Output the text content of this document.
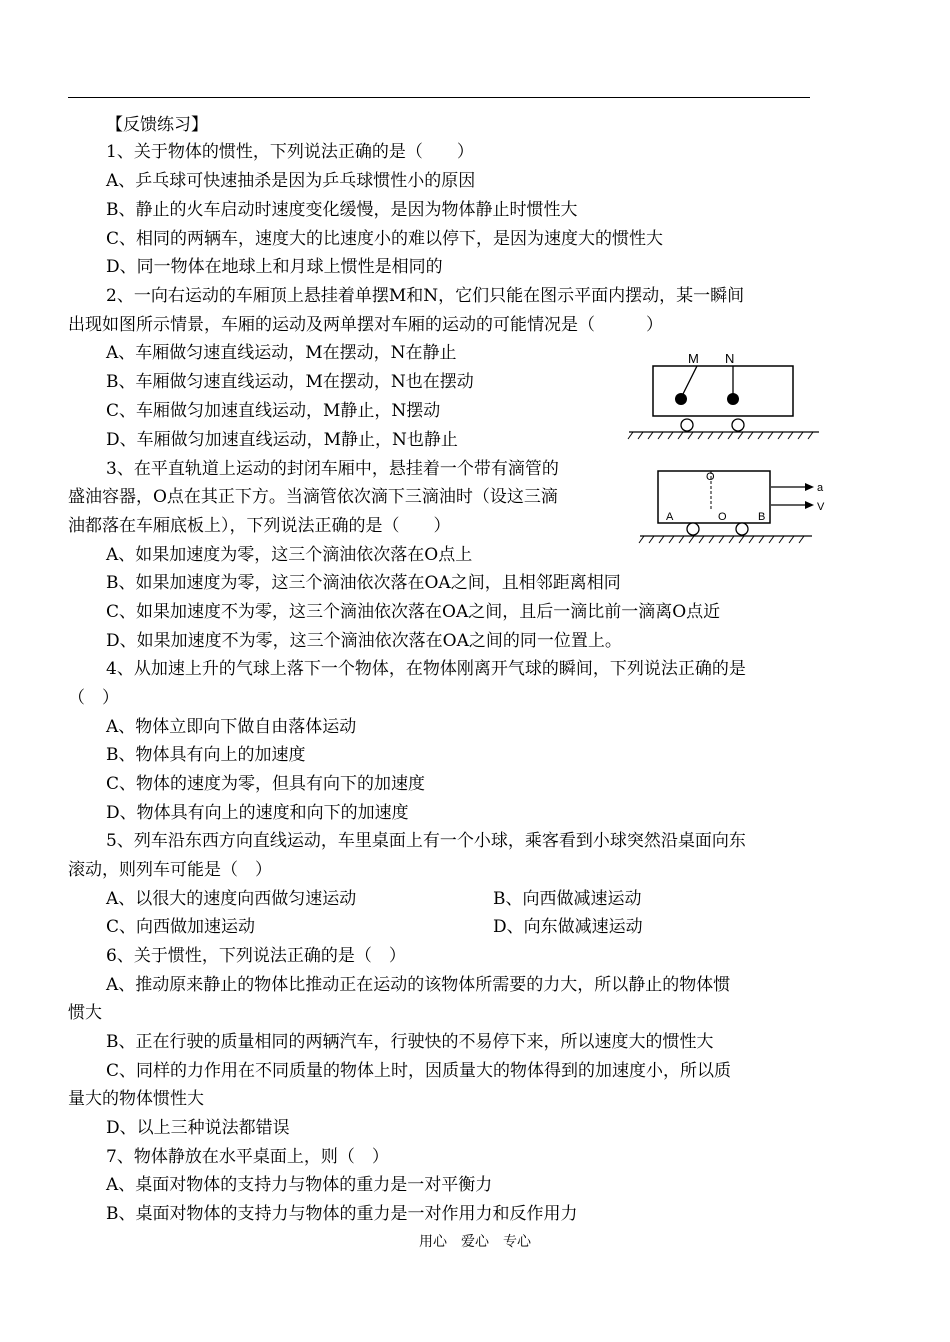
【反馈练习】
1、关于物体的惯性，下列说法正确的是（　　）
A、乒乓球可快速抽杀是因为乒乓球惯性小的原因
B、静止的火车启动时速度变化缓慢，是因为物体静止时惯性大
C、相同的两辆车，速度大的比速度小的难以停下，是因为速度大的惯性大
D、同一物体在地球上和月球上惯性是相同的
2、一向右运动的车厢顶上悬挂着单摆M和N，它们只能在图示平面内摆动，某一瞬间
出现如图所示情景，车厢的运动及两单摆对车厢的运动的可能情况是（　　　）
A、车厢做匀速直线运动，M在摆动，N在静止
B、车厢做匀速直线运动，M在摆动，N也在摆动
C、车厢做匀加速直线运动，M静止，N摆动
D、车厢做匀加速直线运动，M静止，N也静止
M N
3、在平直轨道上运动的封闭车厢中，悬挂着一个带有滴管的
盛油容器，O点在其正下方。当滴管依次滴下三滴油时（设这三滴
油都落在车厢底板上），下列说法正确的是（　　）
A、如果加速度为零，这三个滴油依次落在O点上
B、如果加速度为零，这三个滴油依次落在OA之间，且相邻距离相同
C、如果加速度不为零，这三个滴油依次落在OA之间，且后一滴比前一滴离O点近
D、如果加速度不为零，这三个滴油依次落在OA之间的同一位置上。
O
A	O	B
a
V
4、从加速上升的气球上落下一个物体，在物体刚离开气球的瞬间，下列说法正确的是
（　）
A、物体立即向下做自由落体运动
B、物体具有向上的加速度
C、物体的速度为零，但具有向下的加速度
D、物体具有向上的速度和向下的加速度
5、列车沿东西方向直线运动，车里桌面上有一个小球，乘客看到小球突然沿桌面向东
滚动，则列车可能是（　）
A、以很大的速度向西做匀速运动	B、向西做减速运动
C、向西做加速运动	D、向东做减速运动
6、关于惯性，下列说法正确的是（　）
A、推动原来静止的物体比推动正在运动的该物体所需要的力大，所以静止的物体惯
惯大
B、正在行驶的质量相同的两辆汽车，行驶快的不易停下来，所以速度大的惯性大
C、同样的力作用在不同质量的物体上时，因质量大的物体得到的加速度小，所以质
量大的物体惯性大
D、以上三种说法都错误
7、物体静放在水平桌面上，则（　）
A、桌面对物体的支持力与物体的重力是一对平衡力
B、桌面对物体的支持力与物体的重力是一对作用力和反作用力
用心　爱心　专心
